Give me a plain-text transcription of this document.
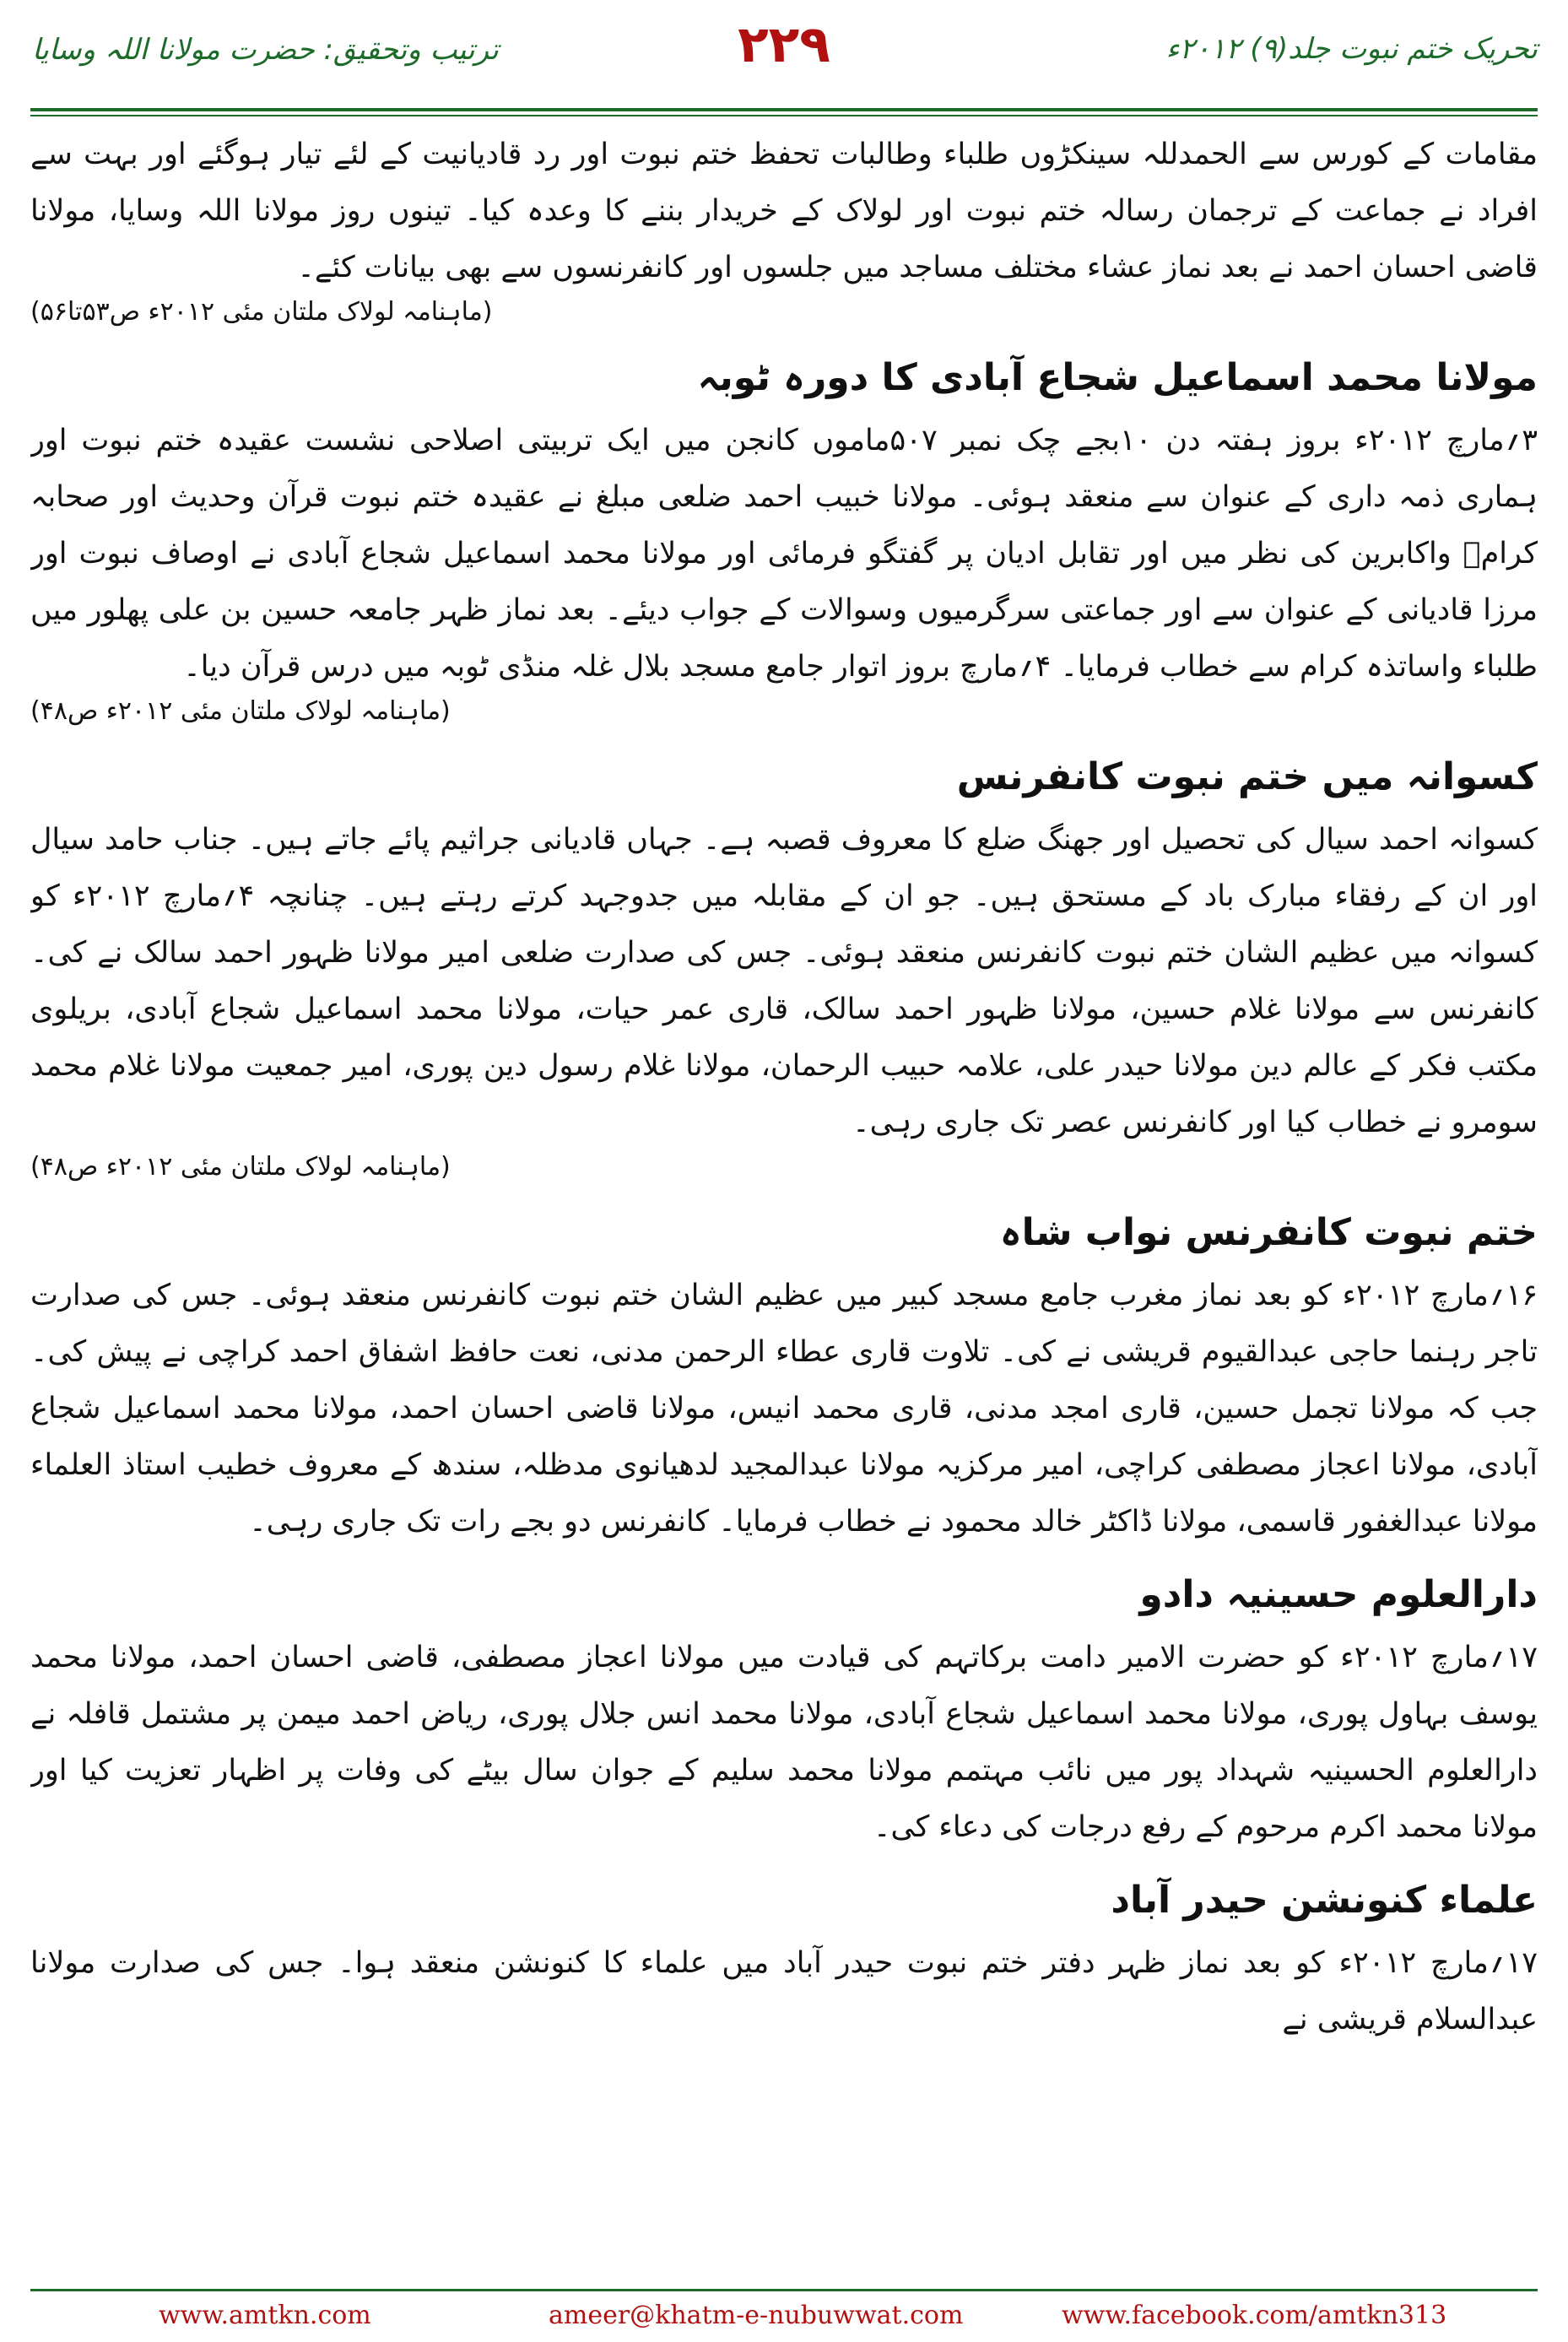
تحریک ختم نبوت جلد(۹) ۲۰۱۲ء
۲۲۹
ترتیب وتحقیق: حضرت مولانا اللہ وسایا

مقامات کے کورس سے الحمدللہ سینکڑوں طلباء وطالبات تحفظ ختم نبوت اور رد قادیانیت کے لئے تیار ہوگئے اور بہت سے افراد نے جماعت کے ترجمان رسالہ ختم نبوت اور لولاک کے خریدار بننے کا وعدہ کیا۔ تینوں روز مولانا اللہ وسایا، مولانا قاضی احسان احمد نے بعد نماز عشاء مختلف مساجد میں جلسوں اور کانفرنسوں سے بھی بیانات کئے۔

(ماہنامہ لولاک ملتان مئی ۲۰۱۲ء ص۵۳تا۵۶)
مولانا محمد اسماعیل شجاع آبادی کا دورہ ٹوبہ

۳؍مارچ ۲۰۱۲ء بروز ہفتہ دن ۱۰بجے چک نمبر ۵۰۷ماموں کانجن میں ایک تربیتی اصلاحی نشست عقیدہ ختم نبوت اور ہماری ذمہ داری کے عنوان سے منعقد ہوئی۔ مولانا خبیب احمد ضلعی مبلغ نے عقیدہ ختم نبوت قرآن وحدیث اور صحابہ کرامؓ واکابرین کی نظر میں اور تقابل ادیان پر گفتگو فرمائی اور مولانا محمد اسماعیل شجاع آبادی نے اوصاف نبوت اور مرزا قادیانی کے عنوان سے اور جماعتی سرگرمیوں وسوالات کے جواب دیئے۔ بعد نماز ظہر جامعہ حسین بن علی پھلور میں طلباء واساتذہ کرام سے خطاب فرمایا۔ ۴؍مارچ بروز اتوار جامع مسجد بلال غلہ منڈی ٹوبہ میں درس قرآن دیا۔

(ماہنامہ لولاک ملتان مئی ۲۰۱۲ء ص۴۸)
کسوانہ میں ختم نبوت کانفرنس

کسوانہ احمد سیال کی تحصیل اور جھنگ ضلع کا معروف قصبہ ہے۔ جہاں قادیانی جراثیم پائے جاتے ہیں۔ جناب حامد سیال اور ان کے رفقاء مبارک باد کے مستحق ہیں۔ جو ان کے مقابلہ میں جدوجہد کرتے رہتے ہیں۔ چنانچہ ۴؍مارچ ۲۰۱۲ء کو کسوانہ میں عظیم الشان ختم نبوت کانفرنس منعقد ہوئی۔ جس کی صدارت ضلعی امیر مولانا ظہور احمد سالک نے کی۔ کانفرنس سے مولانا غلام حسین، مولانا ظہور احمد سالک، قاری عمر حیات، مولانا محمد اسماعیل شجاع آبادی، بریلوی مکتب فکر کے عالم دین مولانا حیدر علی، علامہ حبیب الرحمان، مولانا غلام رسول دین پوری، امیر جمعیت مولانا غلام محمد سومرو نے خطاب کیا اور کانفرنس عصر تک جاری رہی۔

(ماہنامہ لولاک ملتان مئی ۲۰۱۲ء ص۴۸)
ختم نبوت کانفرنس نواب شاہ

۱۶؍مارچ ۲۰۱۲ء کو بعد نماز مغرب جامع مسجد کبیر میں عظیم الشان ختم نبوت کانفرنس منعقد ہوئی۔ جس کی صدارت تاجر رہنما حاجی عبدالقیوم قریشی نے کی۔ تلاوت قاری عطاء الرحمن مدنی، نعت حافظ اشفاق احمد کراچی نے پیش کی۔ جب کہ مولانا تجمل حسین، قاری امجد مدنی، قاری محمد انیس، مولانا قاضی احسان احمد، مولانا محمد اسماعیل شجاع آبادی، مولانا اعجاز مصطفی کراچی، امیر مرکزیہ مولانا عبدالمجید لدھیانوی مدظلہ، سندھ کے معروف خطیب استاذ العلماء مولانا عبدالغفور قاسمی، مولانا ڈاکٹر خالد محمود نے خطاب فرمایا۔ کانفرنس دو بجے رات تک جاری رہی۔

دارالعلوم حسینیہ دادو

۱۷؍مارچ ۲۰۱۲ء کو حضرت الامیر دامت برکاتہم کی قیادت میں مولانا اعجاز مصطفی، قاضی احسان احمد، مولانا محمد یوسف بہاول پوری، مولانا محمد اسماعیل شجاع آبادی، مولانا محمد انس جلال پوری، ریاض احمد میمن پر مشتمل قافلہ نے دارالعلوم الحسینیہ شہداد پور میں نائب مہتمم مولانا محمد سلیم کے جوان سال بیٹے کی وفات پر اظہار تعزیت کیا اور مولانا محمد اکرم مرحوم کے رفع درجات کی دعاء کی۔

علماء کنونشن حیدر آباد

۱۷؍مارچ ۲۰۱۲ء کو بعد نماز ظہر دفتر ختم نبوت حیدر آباد میں علماء کا کنونشن منعقد ہوا۔ جس کی صدارت مولانا عبدالسلام قریشی نے

www.amtkn.com	ameer@khatm-e-nubuwwat.com	www.facebook.com/amtkn313
